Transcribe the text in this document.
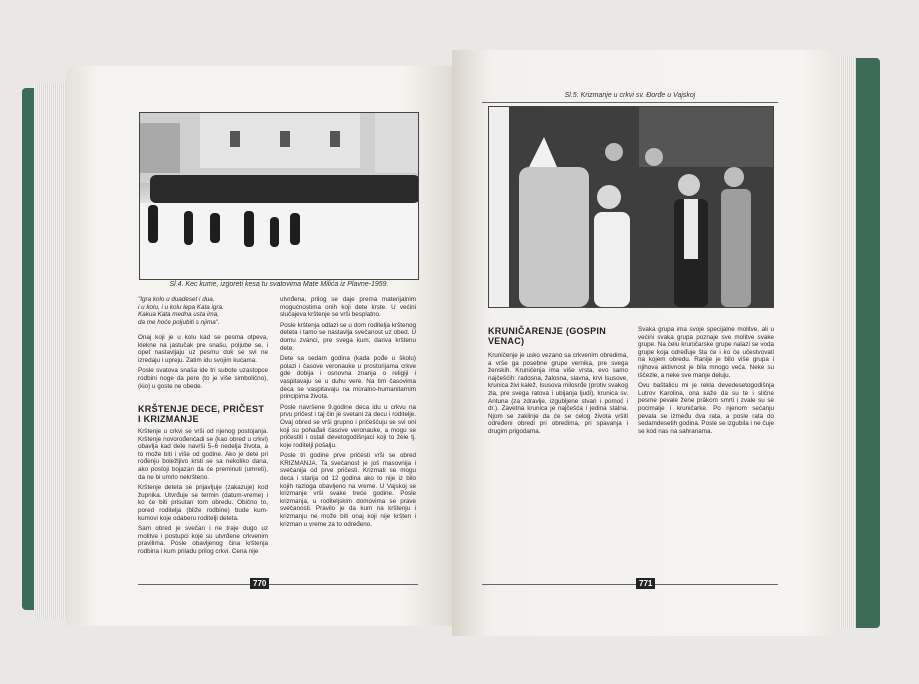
Sl.4. Kec kume, izgoreti kesa tu svatovima Mate Milića iz Plavne-1959.
"Igra kolo u duadeset i dua,
i u kolu, i u kolu lepa Kata igra.
Kakua Kata medna usta ima,
da me hoće poljubiti s njima".

Onaj koji je u kolu kad se pesma otpeva, klekne na jastučak pre snašu, poljube se, i opet nastavljaju uz pesmu dok se svi ne izredaju i upreju. Zatim idu svojim kućama.

Posle svatova snaša ide tri subote uzastopce rodbini noge da pere (to je više simbolično), (kio) u goste ne obede.

KRŠTENJE DECE, PRIČEST I KRIZMANJE

Krštenje u crkvi se vrši od njenog postojanja. Krštenje novorođenčadi se (kao obred u crkvi) obavlja kad dete navrši 5–6 nedelja života, a to može biti i više od godine. Ako je dete pri rođenju boležljivo krsti se sa nekoliko dana, ako postoji bojazan da će preminuti (umreti), da ne bi umrlo nekršteno.

Krštenje deteta se prijavljuje (zakazuje) kod župnika. Utvrđuje se termin (datum-vreme) i ko će biti prisutan tom obredu. Obično to, pored roditelja (bliže rodbine) bude kum-kumovi koje odaberu roditelji deteta.

Sam obred je svečan i ne traje dugo uz molitve i postupci koje su utvrđene crkvenim pravilima. Posle obavljenog čina krštenja rodbina i kum priladu prilog crkvi. Cena nije

utvrđena, prilog se daje prema materijalnim mogućnostima onih koji dete krste. U većini slučajeva krštenje se vrši besplatno.

Posle krštenja odlazi se u dom roditelja krštenog deteta i tamo se nastavlja svečanost uz obed. U domu zvanci, pre svega kum, dariva krštenu dete.

Dete sa sedam godina (kada pođe u školu) polazi i časove veronauke u prostorijama crkve gde dobija i osnovna znanja o religiji i vaspitavaju se u duhu vere. Na tim časovima deca se vaspitavaju na moralno-humanitarnim principima života.

Posle navršene 9.godine deca idu u crkvu na prvu pričest i taj čin je svetani za decu i roditelje. Ovaj obred se vrši grupno i pričešćuju se svi oni koji su pohađali časove veronauke, a mogu se pričestiti i ostali devetogodišnjaci koji to žele tj. koje roditelji pošalju.

Posle tri godine prve pričesti vrši se obred KRIZMANJA. Ta svečanost je još masovnija i svečanija od prve pričesti. Krizmati se mogu deca i starija od 12 godina ako to nije iz bilo kojih razloga obavljeno na vreme. U Vajskoj se krizmanje vrši svake treće godine. Posle krizmanja, u roditeljskim domovima se prave svečanosti. Pravilo je da kum na krštenju i krizmanju ne može biti onaj koji nije kršten i krizman u vreme za to određeno.

770
Sl.5. Krizmanje u crkvi sv. Đorđe u Vajskoj
KRUNIČARENJE (GOSPIN VENAC)

Kruničenje je usko vezano sa crkvenim obredima, a vrše ga posebne grupe vernika, pre svega ženskih. Kruničenja ima više vrsta, evo samo najčešćih: radosna, žalosna, slavna, krvi Isusove, krunica živi kalež, Isusova milosrđe (protiv svakog zla, pre svega ratova i ubijanja ljudi), krunica sv. Antuna (za zdravlje, izgubljene stvari i pomoć i dr.). Zavetna krunica je najčešća i jedina stalna. Njom se zaklinje da će se celog života vršiti određeni obredi pri obredima, pri spavanja i drugim prigodama.

Svaka grupa ima svoje specijalne molitve, ali u većini svaka grupa poznaje sve molitve svake grupe. Na čelu kruničarske grupe nalazi se voda grupe koja određuje šta će i ko će učestvovati na kojem obredu. Ranije je bilo više grupa i njihova aktivnost je bila mnogo veća. Neke su iščezle, a neke sve manje deluju.

Ovu baštalicu mi je rekla devedesetogodišnja Lutrov Karolina, ona kaže da su te i slične pesme pevale žene prâkom smrti i zvale su se pocimalje i kruničarke. Po njenom sećanju pevala se između dva rata, a posle rata do sedamdesetih godina. Posle se izgubila i ne čuje se kod nas na sahranama.

771
